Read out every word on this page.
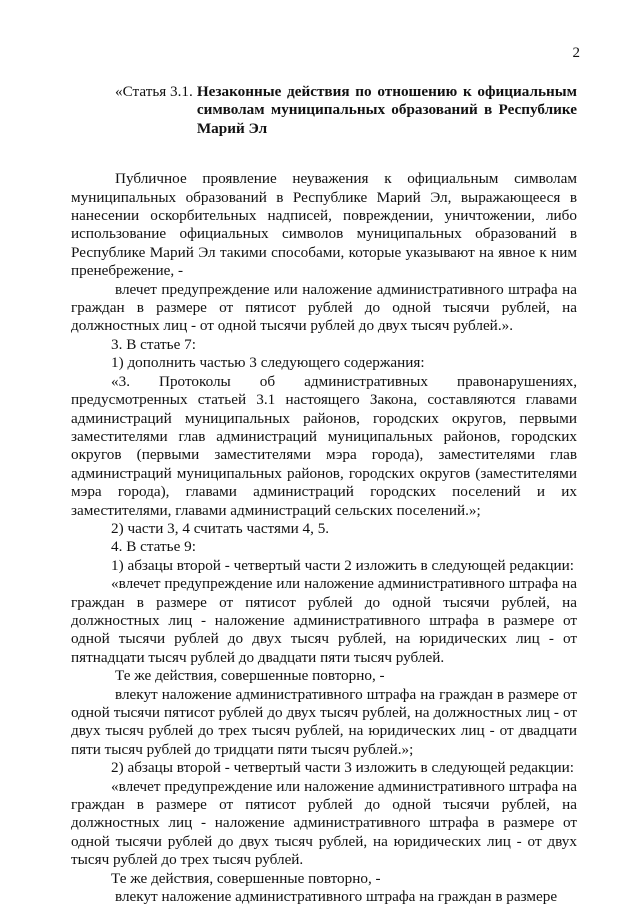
2
«Статья 3.1. Незаконные действия по отношению к официальным символам муниципальных образований в Республике Марий Эл

Публичное проявление неуважения к официальным символам муниципальных образований в Республике Марий Эл, выражающееся в нанесении оскорбительных надписей, повреждении, уничтожении, либо использование официальных символов муниципальных образований в Республике Марий Эл такими способами, которые указывают на явное к ним пренебрежение, -

влечет предупреждение или наложение административного штрафа на граждан в размере от пятисот рублей до одной тысячи рублей, на должностных лиц - от одной тысячи рублей до двух тысяч рублей.».

3. В статье 7:

1) дополнить частью 3 следующего содержания:

«3. Протоколы об административных правонарушениях, предусмотренных статьей 3.1 настоящего Закона, составляются главами администраций муниципальных районов, городских округов, первыми заместителями глав администраций муниципальных районов, городских округов (первыми заместителями мэра города), заместителями глав администраций муниципальных районов, городских округов (заместителями мэра города), главами администраций городских поселений и их заместителями, главами администраций сельских поселений.»;

2) части 3, 4 считать частями 4, 5.

4. В статье 9:

1) абзацы второй - четвертый части 2 изложить в следующей редакции:

«влечет предупреждение или наложение административного штрафа на граждан в размере от пятисот рублей до одной тысячи рублей, на должностных лиц - наложение административного штрафа в размере от одной тысячи рублей до двух тысяч рублей, на юридических лиц - от пятнадцати тысяч рублей до двадцати пяти тысяч рублей.

Те же действия, совершенные повторно, -

влекут наложение административного штрафа на граждан в размере от одной тысячи пятисот рублей до двух тысяч рублей, на должностных лиц - от двух тысяч рублей до трех тысяч рублей, на юридических лиц - от двадцати пяти тысяч рублей до тридцати пяти тысяч рублей.»;

2) абзацы второй - четвертый части 3 изложить в следующей редакции:

«влечет предупреждение или наложение административного штрафа на граждан в размере от пятисот рублей до одной тысячи рублей, на должностных лиц - наложение административного штрафа в размере от одной тысячи рублей до двух тысяч рублей, на юридических лиц - от двух тысяч рублей до трех тысяч рублей.

Те же действия, совершенные повторно, -

влекут наложение административного штрафа на граждан в размере
